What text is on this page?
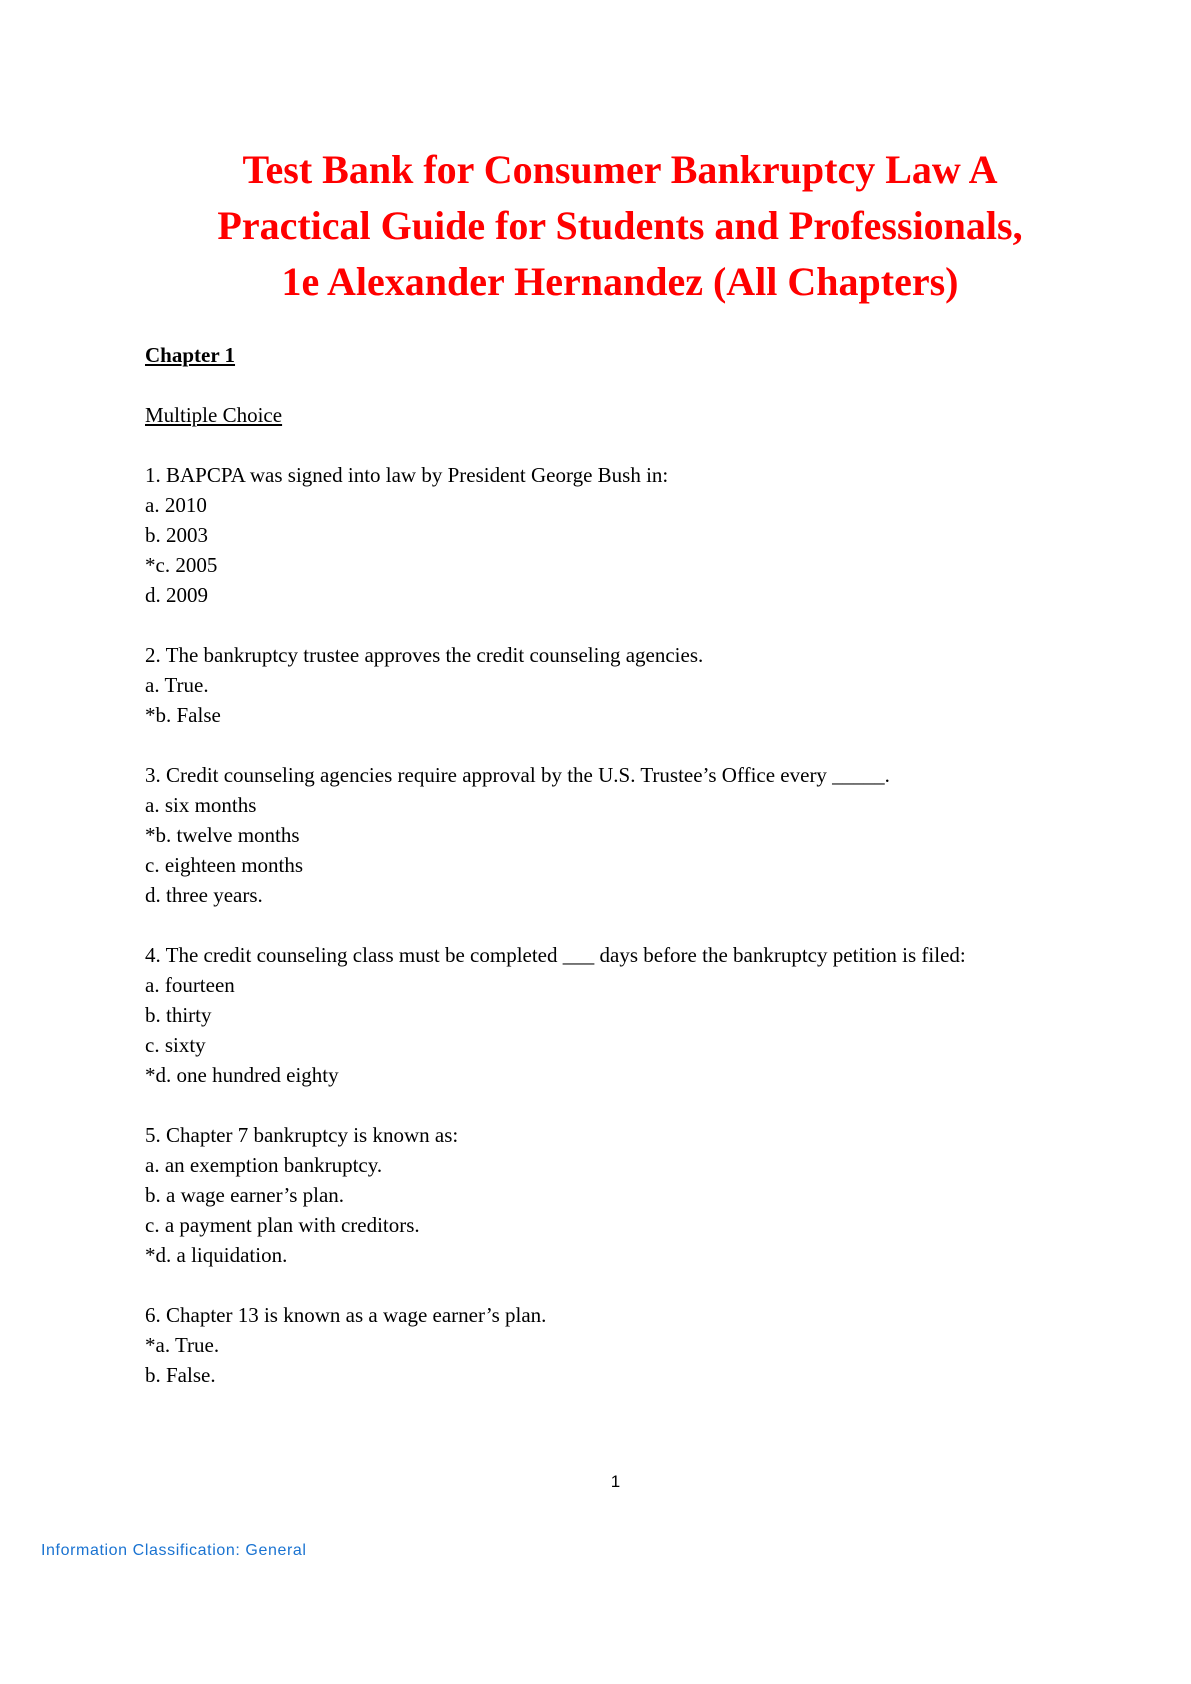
Test Bank for Consumer Bankruptcy Law A
Practical Guide for Students and Professionals,
1e Alexander Hernandez (All Chapters)
Chapter 1
Multiple Choice
1. BAPCPA was signed into law by President George Bush in:
a. 2010
b. 2003
*c. 2005
d. 2009
2. The bankruptcy trustee approves the credit counseling agencies.
a. True.
*b. False
3. Credit counseling agencies require approval by the U.S. Trustee’s Office every _____.
a. six months
*b. twelve months
c. eighteen months
d. three years.
4. The credit counseling class must be completed ___ days before the bankruptcy petition is filed:
a. fourteen
b. thirty
c. sixty
*d. one hundred eighty
5. Chapter 7 bankruptcy is known as:
a. an exemption bankruptcy.
b. a wage earner’s plan.
c. a payment plan with creditors.
*d. a liquidation.
6. Chapter 13 is known as a wage earner’s plan.
*a. True.
b. False.
1
Information Classification: General
